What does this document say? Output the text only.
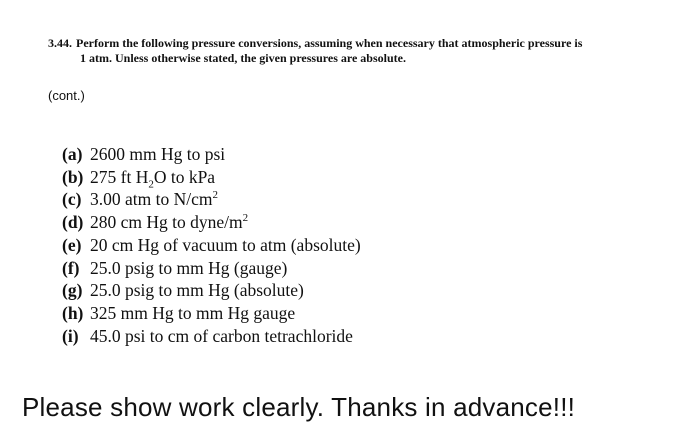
3.44. Perform the following pressure conversions, assuming when necessary that atmospheric pressure is
1 atm. Unless otherwise stated, the given pressures are absolute.
(cont.)
(a) 2600 mm Hg to psi
(b) 275 ft $H_2O$ to kPa
(c) 3.00 atm to $N/cm^2$
(d) 280 cm Hg to dyne/$m^2$
(e) 20 cm Hg of vacuum to atm (absolute)
(f) 25.0 psig to mm Hg (gauge)
(g) 25.0 psig to mm Hg (absolute)
(h) 325 mm Hg to mm Hg gauge
(i) 45.0 psi to cm of carbon tetrachloride
Please show work clearly. Thanks in advance!!!
